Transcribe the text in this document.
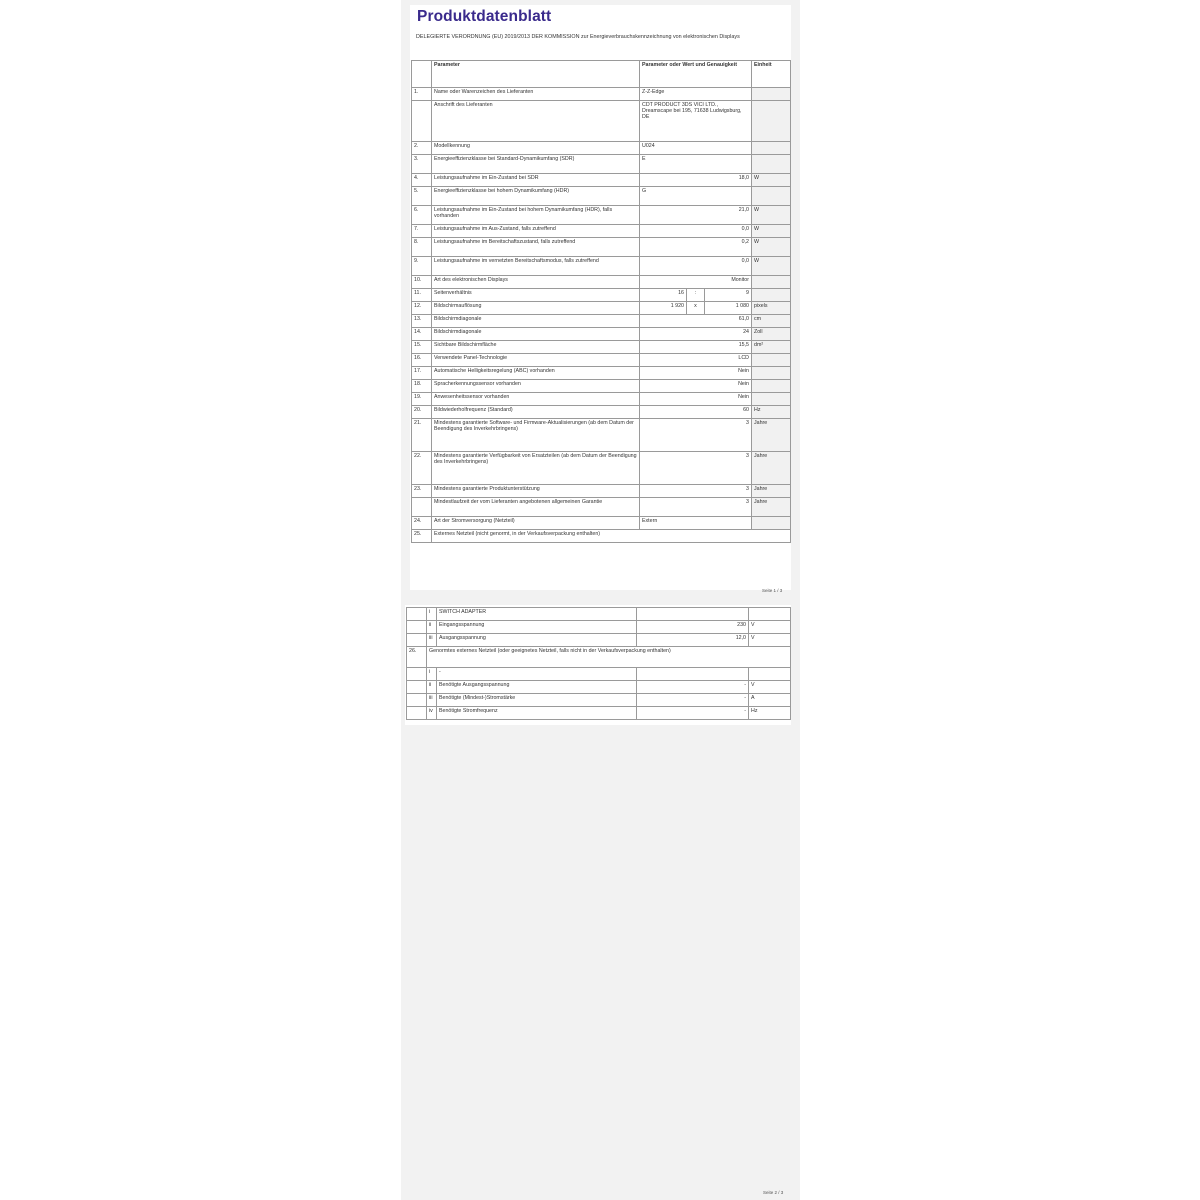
Produktdatenblatt
DELEGIERTE VERORDNUNG (EU) 2019/2013 DER KOMMISSION zur Energieverbrauchskennzeichnung von elektronischen Displays
	Parameter	Parameter oder Wert und Genauigkeit			Einheit
1.	Name oder Warenzeichen des Lieferanten	Z-Z-Edge			
	Anschrift des Lieferanten	CDT PRODUCT 3DS VICI LTD., Dreamscape bei 195, 71638 Ludwigsburg, DE			
2.	Modellkennung	U024			
3.	Energieeffizienzklasse bei Standard-Dynamikumfang (SDR)	E			
4.	Leistungsaufnahme im Ein-Zustand bei SDR	18,0			W
5.	Energieeffizienzklasse bei hohem Dynamikumfang (HDR)	G			
6.	Leistungsaufnahme im Ein-Zustand bei hohem Dynamikumfang (HDR), falls vorhanden	21,0			W
7.	Leistungsaufnahme im Aus-Zustand, falls zutreffend	0,0			W
8.	Leistungsaufnahme im Bereitschaftszustand, falls zutreffend	0,2			W
9.	Leistungsaufnahme im vernetzten Bereitschaftsmodus, falls zutreffend	0,0			W
10.	Art des elektronischen Displays	Monitor			
11.	Seitenverhältnis	16	:	9	
12.	Bildschirmauflösung	1 920	x	1 080	pixels
13.	Bildschirmdiagonale	61,0			cm
14.	Bildschirmdiagonale	24			Zoll
15.	Sichtbare Bildschirmfläche	15,5			dm²
16.	Verwendete Panel-Technologie	LCD			
17.	Automatische Helligkeitsregelung (ABC) vorhanden	Nein			
18.	Spracherkennungssensor vorhanden	Nein			
19.	Anwesenheitssensor vorhanden	Nein			
20.	Bildwiederholfrequenz (Standard)	60			Hz
21.	Mindestens garantierte Software- und Firmware-Aktualisierungen (ab dem Datum der Beendigung des Inverkehrbringens)	3			Jahre
22.	Mindestens garantierte Verfügbarkeit von Ersatzteilen (ab dem Datum der Beendigung des Inverkehrbringens)	3			Jahre
23.	Mindestens garantierte Produktunterstützung	3			Jahre
	Mindestlaufzeit der vom Lieferanten angebotenen allgemeinen Garantie	3			Jahre
24.	Art der Stromversorgung (Netzteil)	Extern			
25.	Externes Netzteil (nicht genormt, in der Verkaufsverpackung enthalten)				
Seite 1 / 3
	i	SWITCH ADAPTER		
	ii	Eingangsspannung	230	V
	iii	Ausgangsspannung	12,0	V
26.	Genormtes externes Netzteil (oder geeignetes Netzteil, falls nicht in der Verkaufsverpackung enthalten)			
	i	-		
	ii	Benötigte Ausgangsspannung	-	V
	iii	Benötigte (Mindest-)Stromstärke	-	A
	iv	Benötigte Stromfrequenz	-	Hz
Seite 2 / 3
